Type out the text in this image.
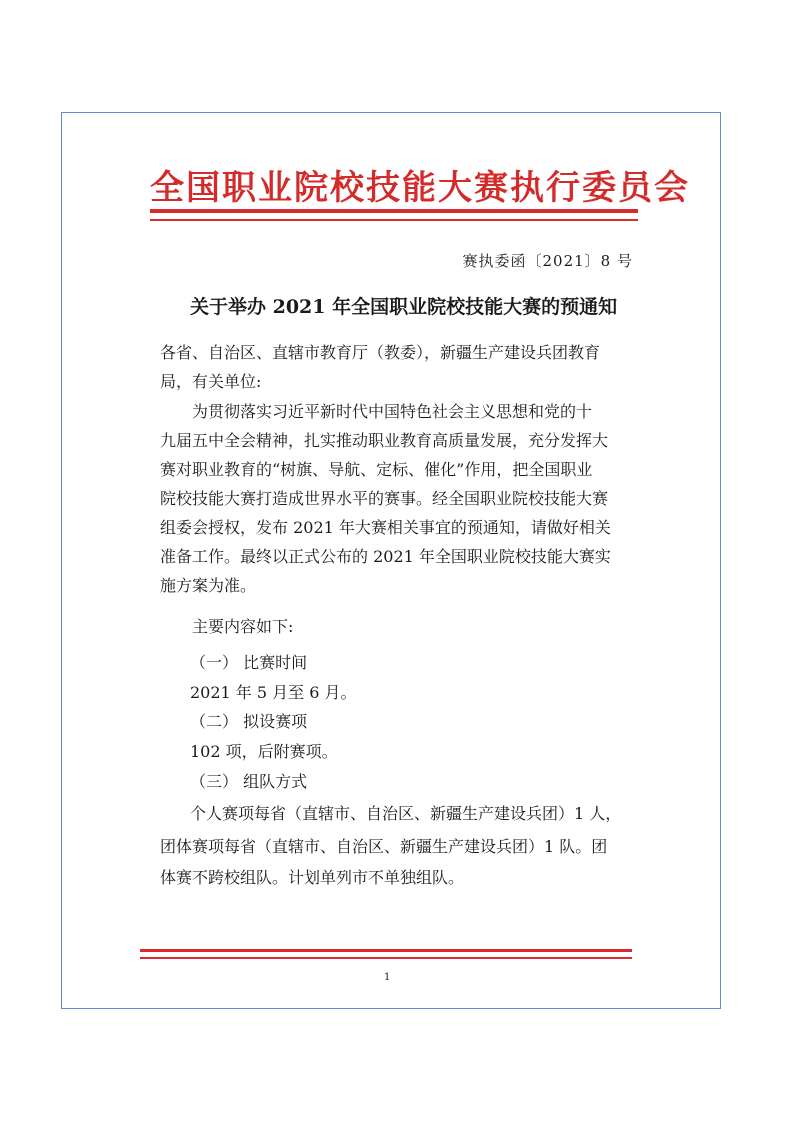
全国职业院校技能大赛执行委员会
赛执委函〔2021〕8 号
关于举办 2021 年全国职业院校技能大赛的预通知
各省、自治区、直辖市教育厅（教委），新疆生产建设兵团教育
局，有关单位:
为贯彻落实习近平新时代中国特色社会主义思想和党的十
九届五中全会精神，扎实推动职业教育高质量发展，充分发挥大
赛对职业教育的“树旗、导航、定标、催化”作用，把全国职业
院校技能大赛打造成世界水平的赛事。经全国职业院校技能大赛
组委会授权，发布 2021 年大赛相关事宜的预通知，请做好相关
准备工作。最终以正式公布的 2021 年全国职业院校技能大赛实
施方案为准。
主要内容如下:
（一） 比赛时间
2021 年 5 月至 6 月。
（二） 拟设赛项
102 项，后附赛项。
（三） 组队方式
个人赛项每省（直辖市、自治区、新疆生产建设兵团）1 人，
团体赛项每省（直辖市、自治区、新疆生产建设兵团）1 队。团
体赛不跨校组队。计划单列市不单独组队。
1
